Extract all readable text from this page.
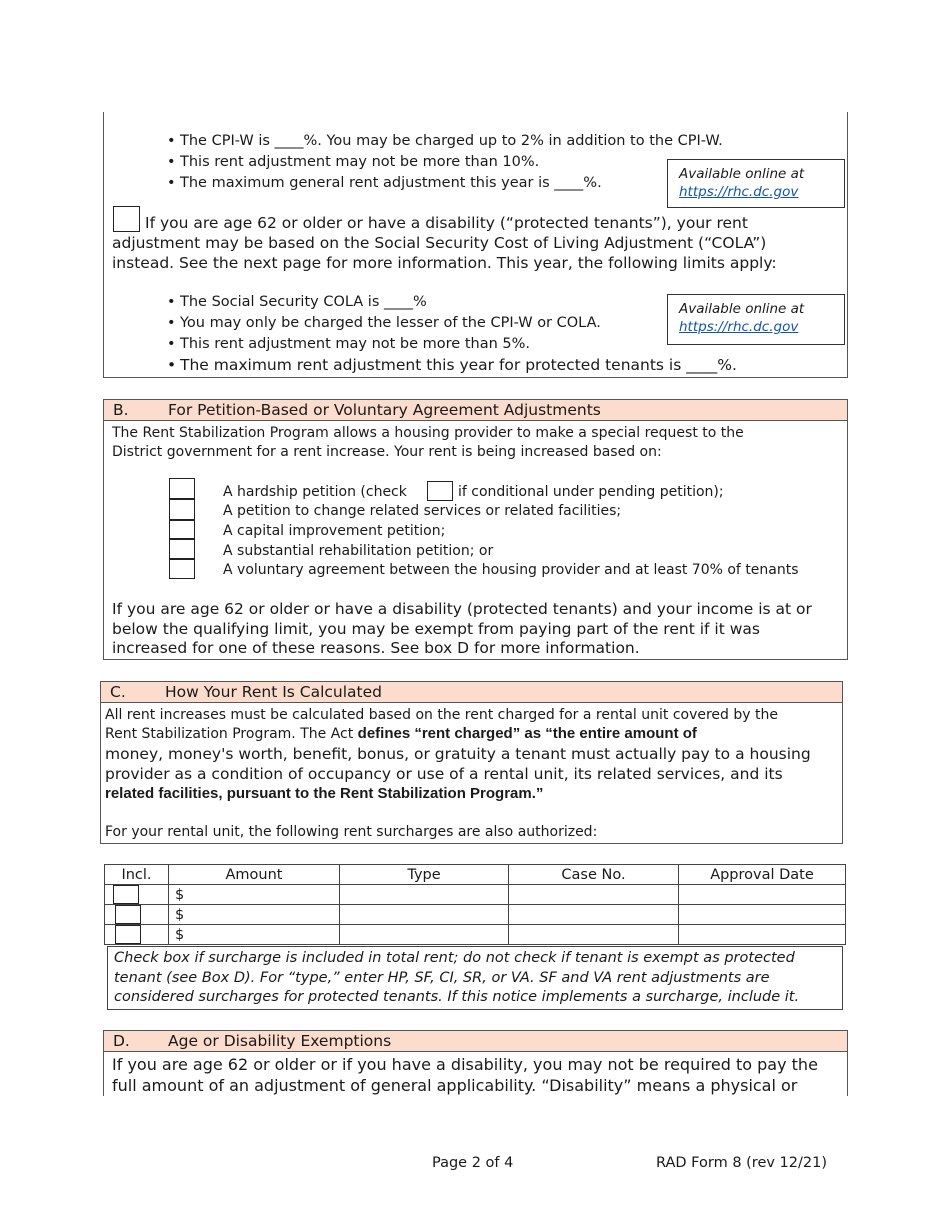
• The CPI-W is ____%. You may be charged up to 2% in addition to the CPI-W.
• This rent adjustment may not be more than 10%.
• The maximum general rent adjustment this year is ____%.
Available online at
https://rhc.dc.gov
If you are age 62 or older or have a disability (“protected tenants”), your rent
adjustment may be based on the Social Security Cost of Living Adjustment (“COLA”)
instead. See the next page for more information. This year, the following limits apply:
• The Social Security COLA is ____%
• You may only be charged the lesser of the CPI-W or COLA.
• This rent adjustment may not be more than 5%.
• The maximum rent adjustment this year for protected tenants is ____%.
Available online at
https://rhc.dc.gov
B.	For Petition-Based or Voluntary Agreement Adjustments
The Rent Stabilization Program allows a housing provider to make a special request to the
District government for a rent increase. Your rent is being increased based on:
A hardship petition (check	if conditional under pending petition);
A petition to change related services or related facilities;
A capital improvement petition;
A substantial rehabilitation petition; or
A voluntary agreement between the housing provider and at least 70% of tenants
If you are age 62 or older or have a disability (protected tenants) and your income is at or
below the qualifying limit, you may be exempt from paying part of the rent if it was
increased for one of these reasons. See box D for more information.
C.	How Your Rent Is Calculated
All rent increases must be calculated based on the rent charged for a rental unit covered by the
Rent Stabilization Program. The Act defines “rent charged” as “the entire amount of
money, money's worth, benefit, bonus, or gratuity a tenant must actually pay to a housing
provider as a condition of occupancy or use of a rental unit, its related services, and its
related facilities, pursuant to the Rent Stabilization Program.”
For your rental unit, the following rent surcharges are also authorized:
Incl.	Amount	Type	Case No.	Approval Date

	$			

	$			

	$			
Check box if surcharge is included in total rent; do not check if tenant is exempt as protected
tenant (see Box D). For “type,” enter HP, SF, CI, SR, or VA. SF and VA rent adjustments are
considered surcharges for protected tenants. If this notice implements a surcharge, include it.
D. Age or Disability Exemptions
If you are age 62 or older or if you have a disability, you may not be required to pay the
full amount of an adjustment of general applicability. “Disability” means a physical or
Page 2 of 4	RAD Form 8 (rev 12/21)
